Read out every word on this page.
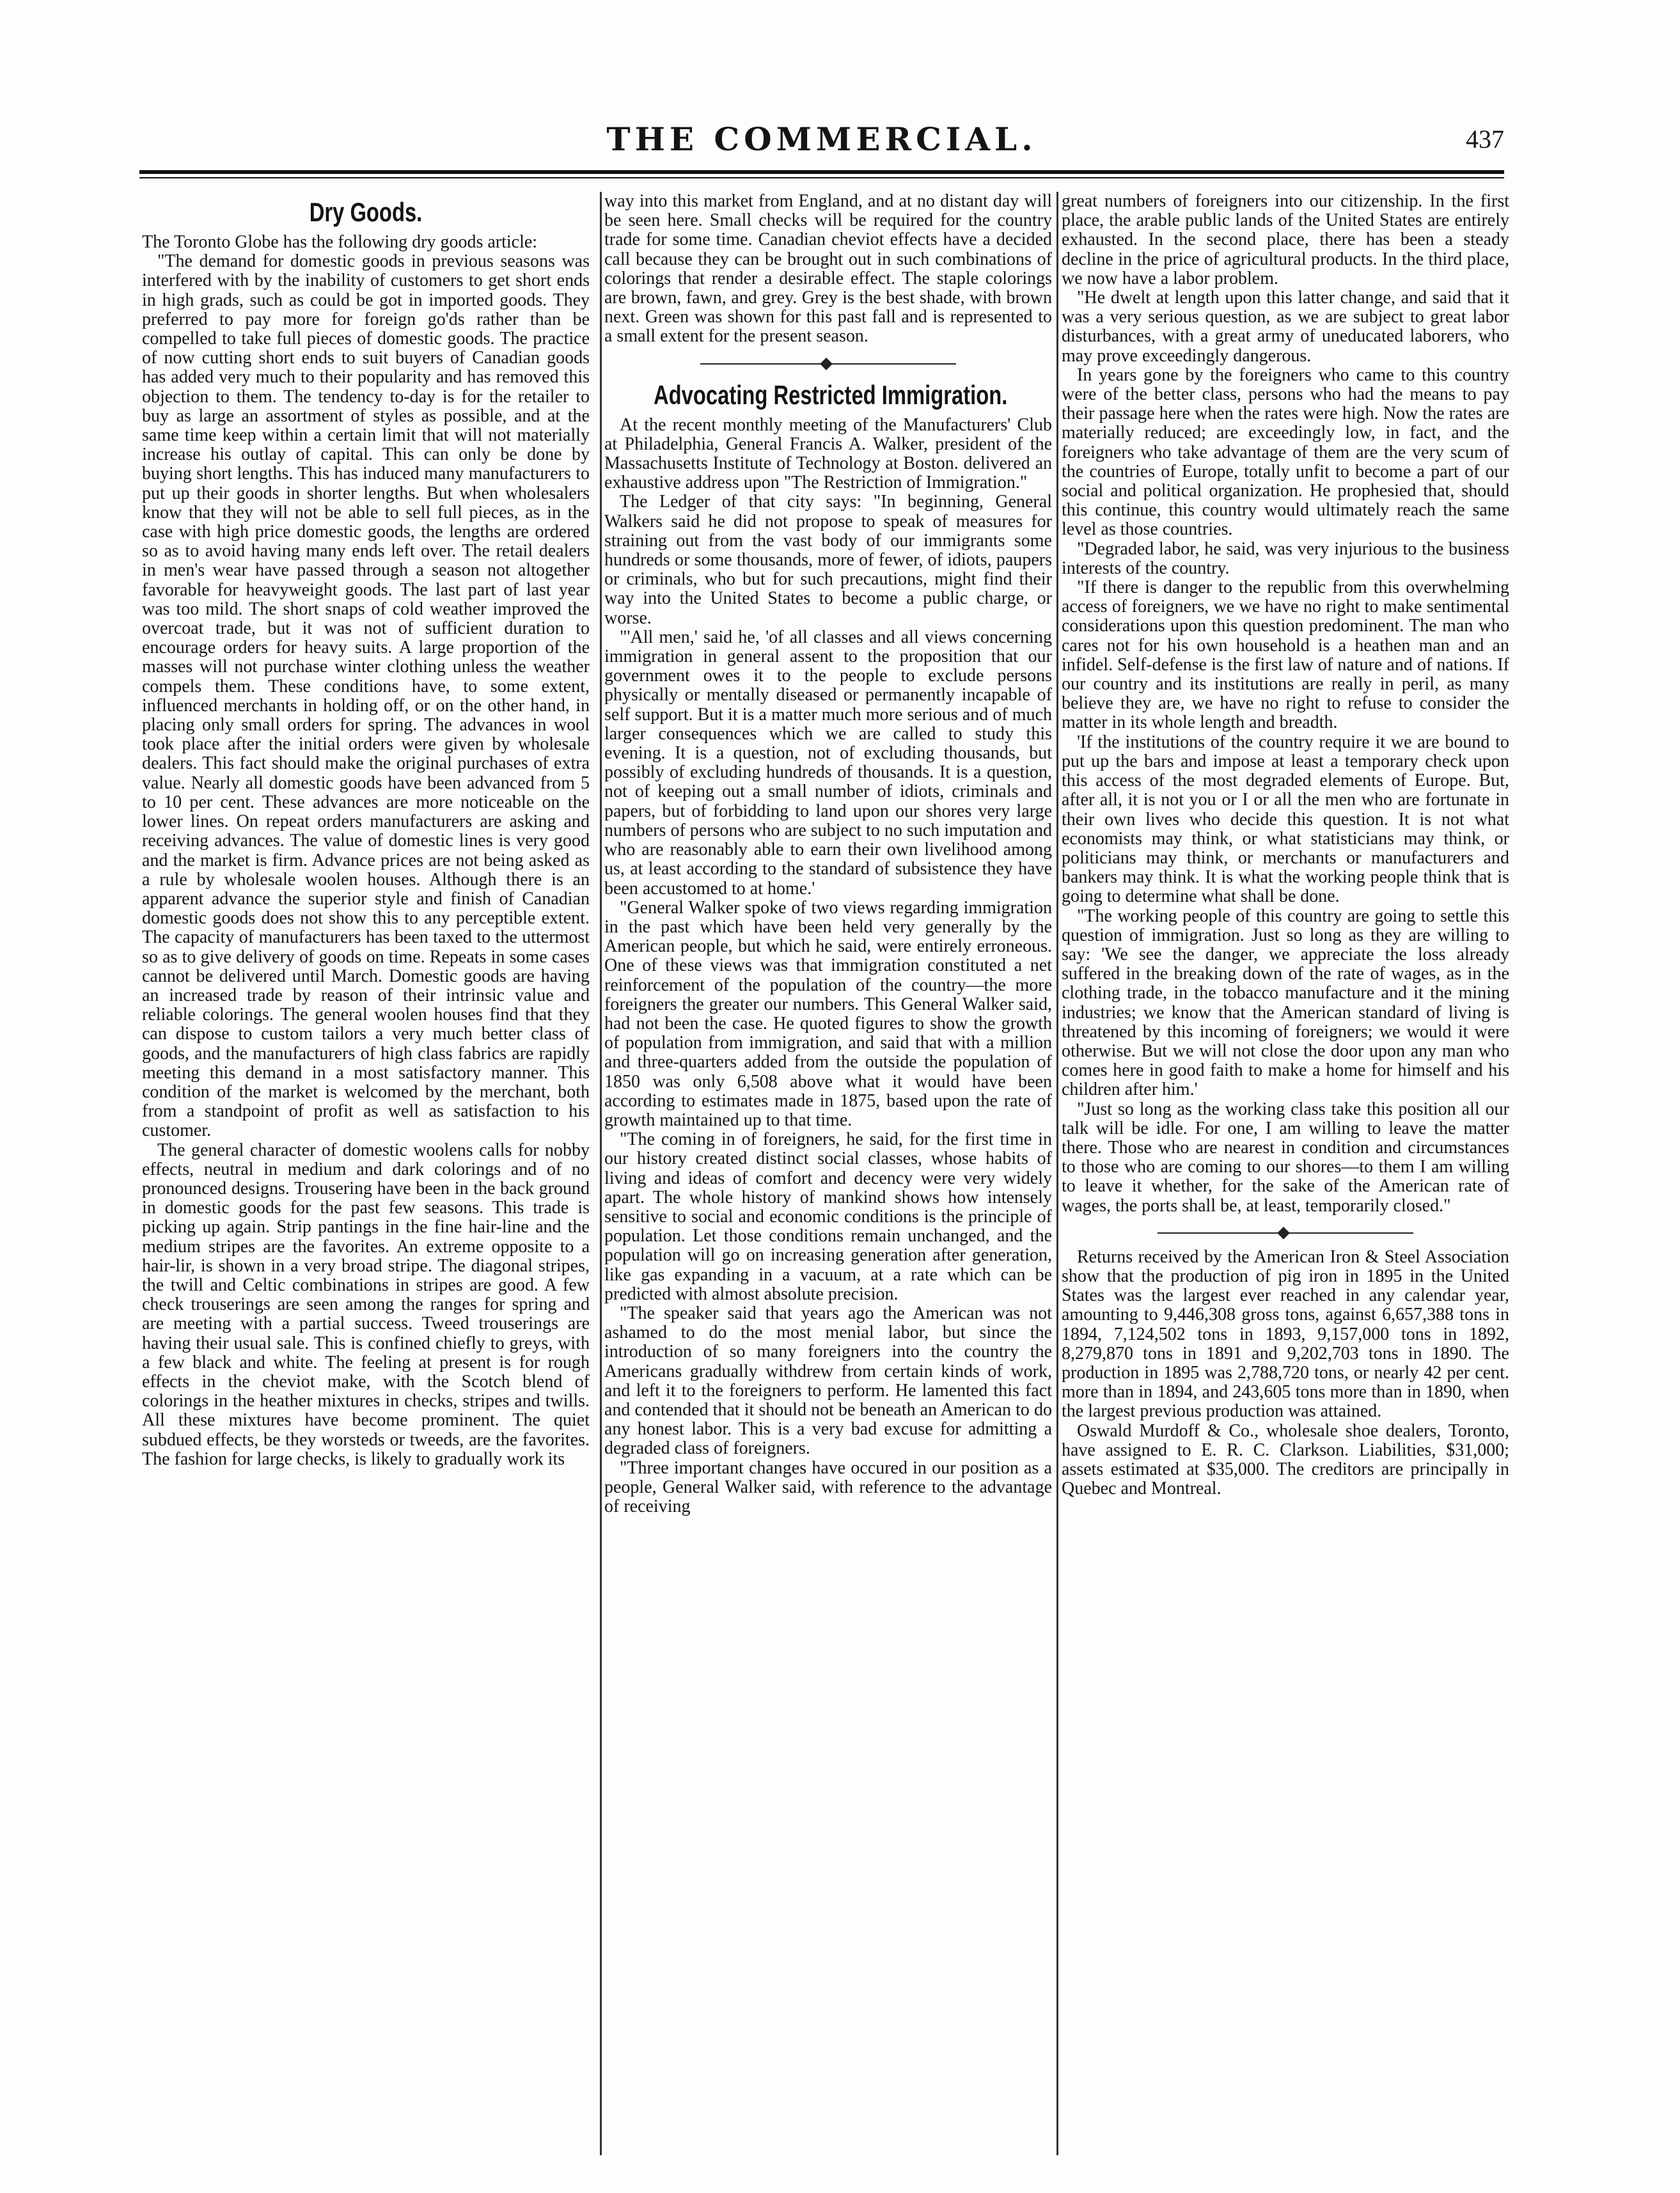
THE COMMERCIAL.	437
Dry Goods.

The Toronto Globe has the following dry goods article:

"The demand for domestic goods in previous seasons was interfered with by the inability of customers to get short ends in high grads, such as could be got in imported goods. They preferred to pay more for foreign go'ds rather than be compelled to take full pieces of domestic goods. The practice of now cutting short ends to suit buyers of Canadian goods has added very much to their popularity and has removed this objection to them. The tendency to-day is for the retailer to buy as large an assortment of styles as possible, and at the same time keep within a certain limit that will not materially increase his outlay of capital. This can only be done by buying short lengths. This has induced many manufacturers to put up their goods in shorter lengths. But when wholesalers know that they will not be able to sell full pieces, as in the case with high price domestic goods, the lengths are ordered so as to avoid having many ends left over. The retail dealers in men's wear have passed through a season not altogether favorable for heavyweight goods. The last part of last year was too mild. The short snaps of cold weather improved the overcoat trade, but it was not of sufficient duration to encourage orders for heavy suits. A large proportion of the masses will not purchase winter clothing unless the weather compels them. These conditions have, to some extent, influenced merchants in holding off, or on the other hand, in placing only small orders for spring. The advances in wool took place after the initial orders were given by wholesale dealers. This fact should make the original purchases of extra value. Nearly all domestic goods have been advanced from 5 to 10 per cent. These advances are more noticeable on the lower lines. On repeat orders manufacturers are asking and receiving advances. The value of domestic lines is very good and the market is firm. Advance prices are not being asked as a rule by wholesale woolen houses. Although there is an apparent advance the superior style and finish of Canadian domestic goods does not show this to any perceptible extent. The capacity of manufacturers has been taxed to the uttermost so as to give delivery of goods on time. Repeats in some cases cannot be delivered until March. Domestic goods are having an increased trade by reason of their intrinsic value and reliable colorings. The general woolen houses find that they can dispose to custom tailors a very much better class of goods, and the manufacturers of high class fabrics are rapidly meeting this demand in a most satisfactory manner. This condition of the market is welcomed by the merchant, both from a standpoint of profit as well as satisfaction to his customer.

The general character of domestic woolens calls for nobby effects, neutral in medium and dark colorings and of no pronounced designs. Trousering have been in the back ground in domestic goods for the past few seasons. This trade is picking up again. Strip pantings in the fine hair-line and the medium stripes are the favorites. An extreme opposite to a hair-lir, is shown in a very broad stripe. The diagonal stripes, the twill and Celtic combinations in stripes are good. A few check trouserings are seen among the ranges for spring and are meeting with a partial success. Tweed trouserings are having their usual sale. This is confined chiefly to greys, with a few black and white. The feeling at present is for rough effects in the cheviot make, with the Scotch blend of colorings in the heather mixtures in checks, stripes and twills. All these mixtures have become prominent. The quiet subdued effects, be they worsteds or tweeds, are the favorites. The fashion for large checks, is likely to gradually work its

way into this market from England, and at no distant day will be seen here. Small checks will be required for the country trade for some time. Canadian cheviot effects have a decided call because they can be brought out in such combinations of colorings that render a desirable effect. The staple colorings are brown, fawn, and grey. Grey is the best shade, with brown next. Green was shown for this past fall and is represented to a small extent for the present season.

Advocating Restricted Immigration.

At the recent monthly meeting of the Manufacturers' Club at Philadelphia, General Francis A. Walker, president of the Massachusetts Institute of Technology at Boston. delivered an exhaustive address upon "The Restriction of Immigration."

The Ledger of that city says: "In beginning, General Walkers said he did not propose to speak of measures for straining out from the vast body of our immigrants some hundreds or some thousands, more of fewer, of idiots, paupers or criminals, who but for such precautions, might find their way into the United States to become a public charge, or worse.

"'All men,' said he, 'of all classes and all views concerning immigration in general assent to the proposition that our government owes it to the people to exclude persons physically or mentally diseased or permanently incapable of self support. But it is a matter much more serious and of much larger consequences which we are called to study this evening. It is a question, not of excluding thousands, but possibly of excluding hundreds of thousands. It is a question, not of keeping out a small number of idiots, criminals and papers, but of forbidding to land upon our shores very large numbers of persons who are subject to no such imputation and who are reasonably able to earn their own livelihood among us, at least according to the standard of subsistence they have been accustomed to at home.'

"General Walker spoke of two views regarding immigration in the past which have been held very generally by the American people, but which he said, were entirely erroneous. One of these views was that immigration constituted a net reinforcement of the population of the country—the more foreigners the greater our numbers. This General Walker said, had not been the case. He quoted figures to show the growth of population from immigration, and said that with a million and three-quarters added from the outside the population of 1850 was only 6,508 above what it would have been according to estimates made in 1875, based upon the rate of growth maintained up to that time.

"The coming in of foreigners, he said, for the first time in our history created distinct social classes, whose habits of living and ideas of comfort and decency were very widely apart. The whole history of mankind shows how intensely sensitive to social and economic conditions is the principle of population. Let those conditions remain unchanged, and the population will go on increasing generation after generation, like gas expanding in a vacuum, at a rate which can be predicted with almost absolute precision.

"The speaker said that years ago the American was not ashamed to do the most menial labor, but since the introduction of so many foreigners into the country the Americans gradually withdrew from certain kinds of work, and left it to the foreigners to perform. He lamented this fact and contended that it should not be beneath an American to do any honest labor. This is a very bad excuse for admitting a degraded class of foreigners.

"Three important changes have occured in our position as a people, General Walker said, with reference to the advantage of receiving

great numbers of foreigners into our citizenship. In the first place, the arable public lands of the United States are entirely exhausted. In the second place, there has been a steady decline in the price of agricultural products. In the third place, we now have a labor problem.

"He dwelt at length upon this latter change, and said that it was a very serious question, as we are subject to great labor disturbances, with a great army of uneducated laborers, who may prove exceedingly dangerous.

In years gone by the foreigners who came to this country were of the better class, persons who had the means to pay their passage here when the rates were high. Now the rates are materially reduced; are exceedingly low, in fact, and the foreigners who take advantage of them are the very scum of the countries of Europe, totally unfit to become a part of our social and political organization. He prophesied that, should this continue, this country would ultimately reach the same level as those countries.

"Degraded labor, he said, was very injurious to the business interests of the country.

"If there is danger to the republic from this overwhelming access of foreigners, we we have no right to make sentimental considerations upon this question predominent. The man who cares not for his own household is a heathen man and an infidel. Self-defense is the first law of nature and of nations. If our country and its institutions are really in peril, as many believe they are, we have no right to refuse to consider the matter in its whole length and breadth.

'If the institutions of the country require it we are bound to put up the bars and impose at least a temporary check upon this access of the most degraded elements of Europe. But, after all, it is not you or I or all the men who are fortunate in their own lives who decide this question. It is not what economists may think, or what statisticians may think, or politicians may think, or merchants or manufacturers and bankers may think. It is what the working people think that is going to determine what shall be done.

"The working people of this country are going to settle this question of immigration. Just so long as they are willing to say: 'We see the danger, we appreciate the loss already suffered in the breaking down of the rate of wages, as in the clothing trade, in the tobacco manufacture and it the mining industries; we know that the American standard of living is threatened by this incoming of foreigners; we would it were otherwise. But we will not close the door upon any man who comes here in good faith to make a home for himself and his children after him.'

"Just so long as the working class take this position all our talk will be idle. For one, I am willing to leave the matter there. Those who are nearest in condition and circumstances to those who are coming to our shores—to them I am willing to leave it whether, for the sake of the American rate of wages, the ports shall be, at least, temporarily closed."

Returns received by the American Iron & Steel Association show that the production of pig iron in 1895 in the United States was the largest ever reached in any calendar year, amounting to 9,446,308 gross tons, against 6,657,388 tons in 1894, 7,124,502 tons in 1893, 9,157,000 tons in 1892, 8,279,870 tons in 1891 and 9,202,703 tons in 1890. The production in 1895 was 2,788,720 tons, or nearly 42 per cent. more than in 1894, and 243,605 tons more than in 1890, when the largest previous production was attained.

Oswald Murdoff & Co., wholesale shoe dealers, Toronto, have assigned to E. R. C. Clarkson. Liabilities, $31,000; assets estimated at $35,000. The creditors are principally in Quebec and Montreal.
